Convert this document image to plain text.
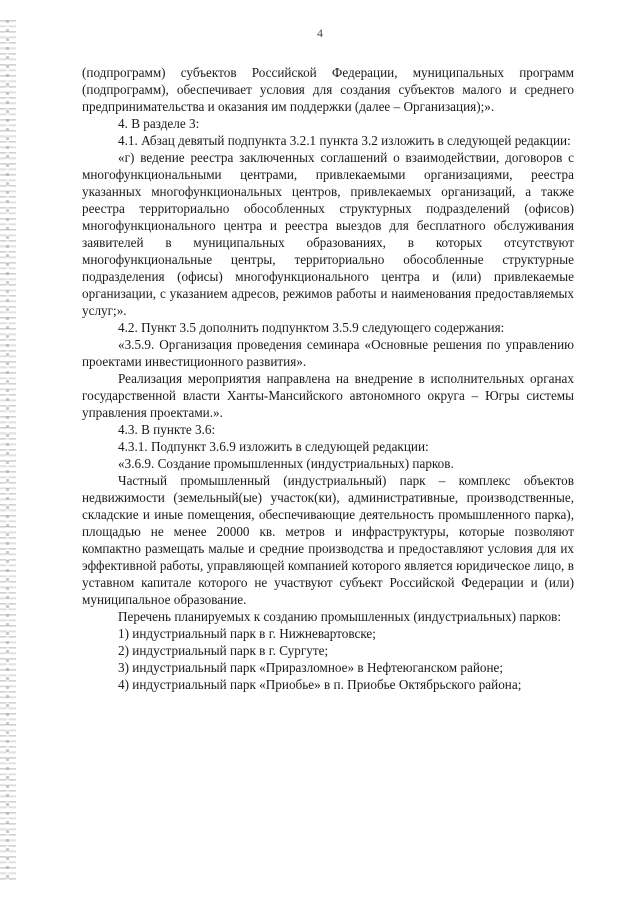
4

(подпрограмм) субъектов Российской Федерации, муниципальных программ (подпрограмм), обеспечивает условия для создания субъектов малого и среднего предпринимательства и оказания им поддержки (далее – Организация);».

4. В разделе 3:

4.1. Абзац девятый подпункта 3.2.1 пункта 3.2 изложить в следующей редакции:

«г) ведение реестра заключенных соглашений о взаимодействии, договоров с многофункциональными центрами, привлекаемыми организациями, реестра указанных многофункциональных центров, привлекаемых организаций, а также реестра территориально обособленных структурных подразделений (офисов) многофункционального центра и реестра выездов для бесплатного обслуживания заявителей в муниципальных образованиях, в которых отсутствуют многофункциональные центры, территориально обособленные структурные подразделения (офисы) многофункционального центра и (или) привлекаемые организации, с указанием адресов, режимов работы и наименования предоставляемых услуг;».

4.2. Пункт 3.5 дополнить подпунктом 3.5.9 следующего содержания:

«3.5.9. Организация проведения семинара «Основные решения по управлению проектами инвестиционного развития».

Реализация мероприятия направлена на внедрение в исполнительных органах государственной власти Ханты-Мансийского автономного округа – Югры системы управления проектами.».

4.3. В пункте 3.6:

4.3.1. Подпункт 3.6.9 изложить в следующей редакции:

«3.6.9. Создание промышленных (индустриальных) парков.

Частный промышленный (индустриальный) парк – комплекс объектов недвижимости (земельный(ые) участок(ки), административные, производственные, складские и иные помещения, обеспечивающие деятельность промышленного парка), площадью не менее 20000 кв. метров и инфраструктуры, которые позволяют компактно размещать малые и средние производства и предоставляют условия для их эффективной работы, управляющей компанией которого является юридическое лицо, в уставном капитале которого не участвуют субъект Российской Федерации и (или) муниципальное образование.

Перечень планируемых к созданию промышленных (индустриальных) парков:

1) индустриальный парк в г. Нижневартовске;

2) индустриальный парк в г. Сургуте;

3) индустриальный парк «Приразломное» в Нефтеюганском районе;

4) индустриальный парк «Приобье» в п. Приобье Октябрьского района;
